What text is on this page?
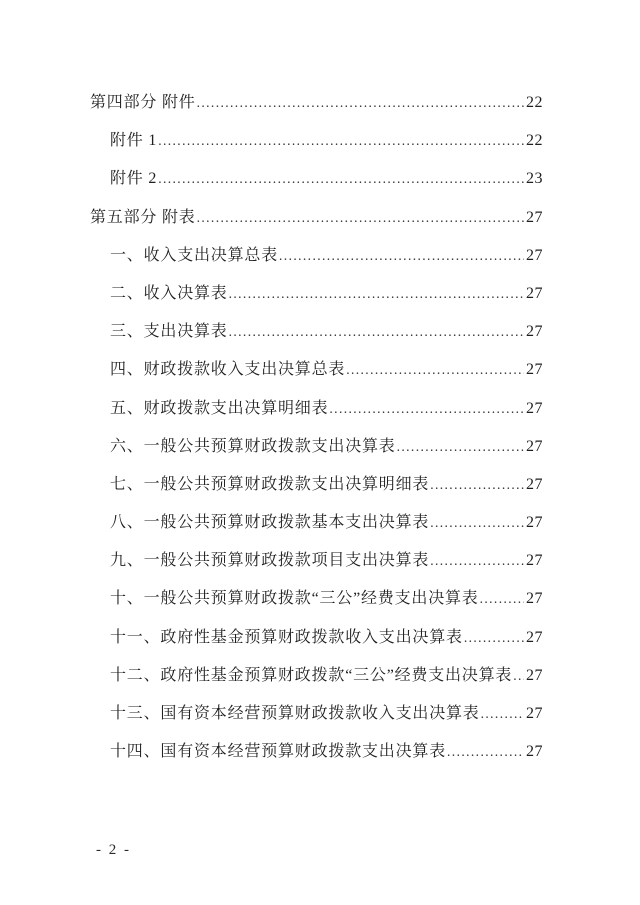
第四部分 附件 .....	22
附件 1 .....	22
附件 2 .....	23
第五部分 附表 .....	27
一、收入支出决算总表 .....	27
二、收入决算表 .....	27
三、支出决算表 .....	27
四、财政拨款收入支出决算总表 .....	27
五、财政拨款支出决算明细表 .....	27
六、一般公共预算财政拨款支出决算表 .....	27
七、一般公共预算财政拨款支出决算明细表 .....	27
八、一般公共预算财政拨款基本支出决算表 .....	27
九、一般公共预算财政拨款项目支出决算表 .....	27
十、一般公共预算财政拨款“三公”经费支出决算表 .....	27
十一、政府性基金预算财政拨款收入支出决算表 .....	27
十二、政府性基金预算财政拨款“三公”经费支出决算表 ..... 27
十三、国有资本经营预算财政拨款收入支出决算表 .....	27
十四、国有资本经营预算财政拨款支出决算表 .....	27
- 2 -
